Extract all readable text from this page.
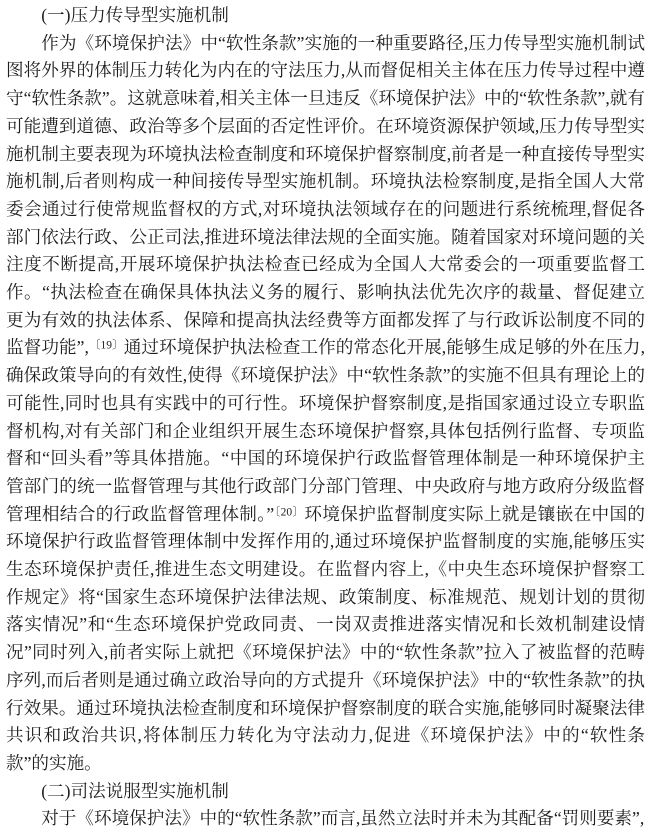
(一)压力传导型实施机制

作为《环境保护法》中“软性条款”实施的一种重要路径,压力传导型实施机制试图将外界的体制压力转化为内在的守法压力,从而督促相关主体在压力传导过程中遵守“软性条款”。这就意味着,相关主体一旦违反《环境保护法》中的“软性条款”,就有可能遭到道德、政治等多个层面的否定性评价。在环境资源保护领域,压力传导型实施机制主要表现为环境执法检查制度和环境保护督察制度,前者是一种直接传导型实施机制,后者则构成一种间接传导型实施机制。环境执法检察制度,是指全国人大常委会通过行使常规监督权的方式,对环境执法领域存在的问题进行系统梳理,督促各部门依法行政、公正司法,推进环境法律法规的全面实施。随着国家对环境问题的关注度不断提高,开展环境保护执法检查已经成为全国人大常委会的一项重要监督工作。“执法检查在确保具体执法义务的履行、影响执法优先次序的裁量、督促建立更为有效的执法体系、保障和提高执法经费等方面都发挥了与行政诉讼制度不同的监督功能”,$^{〔19〕}$通过环境保护执法检查工作的常态化开展,能够生成足够的外在压力,确保政策导向的有效性,使得《环境保护法》中“软性条款”的实施不但具有理论上的可能性,同时也具有实践中的可行性。环境保护督察制度,是指国家通过设立专职监督机构,对有关部门和企业组织开展生态环境保护督察,具体包括例行监督、专项监督和“回头看”等具体措施。“中国的环境保护行政监督管理体制是一种环境保护主管部门的统一监督管理与其他行政部门分部门管理、中央政府与地方政府分级监督管理相结合的行政监督管理体制。”$^{〔20〕}$环境保护监督制度实际上就是镶嵌在中国的环境保护行政监督管理体制中发挥作用的,通过环境保护监督制度的实施,能够压实生态环境保护责任,推进生态文明建设。在监督内容上,《中央生态环境保护督察工作规定》将“国家生态环境保护法律法规、政策制度、标准规范、规划计划的贯彻落实情况”和“生态环境保护党政同责、一岗双责推进落实情况和长效机制建设情况”同时列入,前者实际上就把《环境保护法》中的“软性条款”拉入了被监督的范畴序列,而后者则是通过确立政治导向的方式提升《环境保护法》中的“软性条款”的执行效果。通过环境执法检查制度和环境保护督察制度的联合实施,能够同时凝聚法律共识和政治共识,将体制压力转化为守法动力,促进《环境保护法》中的“软性条款”的实施。

(二)司法说服型实施机制

对于《环境保护法》中的“软性条款”而言,虽然立法时并未为其配备“罚则要素”,
